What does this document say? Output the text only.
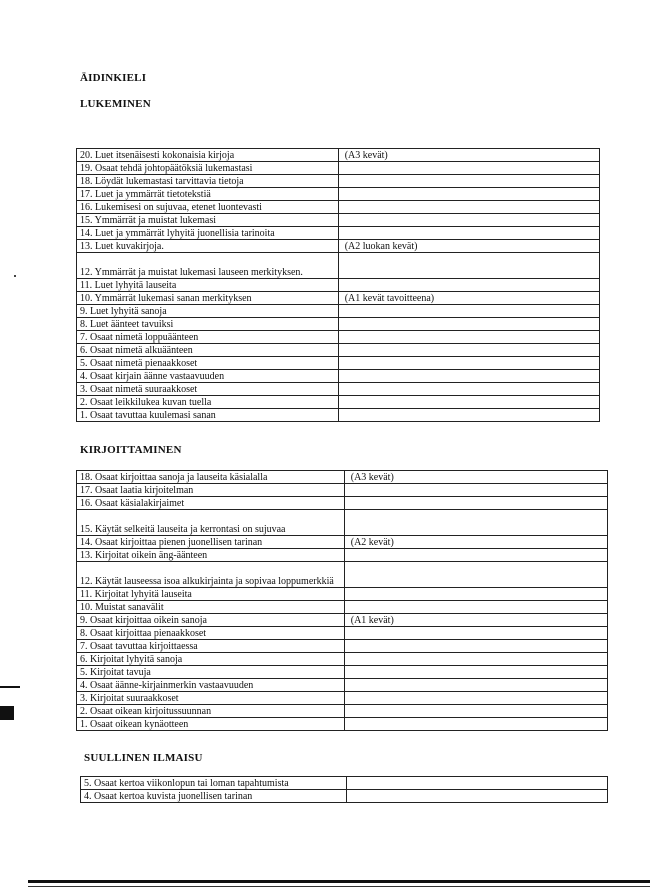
ÄIDINKIELI
LUKEMINEN
20. Luet itsenäisesti kokonaisia kirjoja	(A3 kevät)
19. Osaat tehdä johtopäätöksiä lukemastasi	
18. Löydät lukemastasi tarvittavia tietoja	
17. Luet ja ymmärrät tietotekstiä	
16. Lukemisesi on sujuvaa, etenet luontevasti	
15. Ymmärrät ja muistat lukemasi	
14. Luet ja ymmärrät lyhyitä juonellisia tarinoita	
13. Luet kuvakirjoja.	(A2 luokan kevät)
12. Ymmärrät ja muistat lukemasi lauseen merkityksen.	
11. Luet lyhyitä lauseita	
10. Ymmärrät lukemasi sanan merkityksen	(A1 kevät tavoitteena)
9. Luet lyhyitä sanoja	
8. Luet äänteet tavuiksi	
7. Osaat nimetä loppuäänteen	
6. Osaat nimetä alkuäänteen	
5. Osaat nimetä pienaakkoset	
4. Osaat kirjain äänne vastaavuuden	
3. Osaat nimetä suuraakkoset	
2. Osaat leikkilukea kuvan tuella	
1. Osaat tavuttaa kuulemasi sanan	
KIRJOITTAMINEN
18. Osaat kirjoittaa sanoja ja lauseita käsialalla	(A3 kevät)
17. Osaat laatia kirjoitelman	
16. Osaat käsialakirjaimet	
15. Käytät selkeitä lauseita ja kerrontasi on sujuvaa	
14. Osaat kirjoittaa pienen juonellisen tarinan	(A2 kevät)
13. Kirjoitat oikein äng-äänteen	
12. Käytät lauseessa isoa alkukirjainta ja sopivaa loppumerkkiä	
11. Kirjoitat lyhyitä lauseita	
10. Muistat sanavälit	
9. Osaat kirjoittaa oikein sanoja	(A1 kevät)
8. Osaat kirjoittaa pienaakkoset	
7. Osaat tavuttaa kirjoittaessa	
6. Kirjoitat lyhyitä sanoja	
5. Kirjoitat tavuja	
4. Osaat äänne-kirjainmerkin vastaavuuden	
3. Kirjoitat suuraakkoset	
2. Osaat oikean kirjoitussuunnan	
1. Osaat oikean kynäotteen	
SUULLINEN ILMAISU
5. Osaat kertoa viikonlopun tai loman tapahtumista	
4. Osaat kertoa kuvista juonellisen tarinan	
